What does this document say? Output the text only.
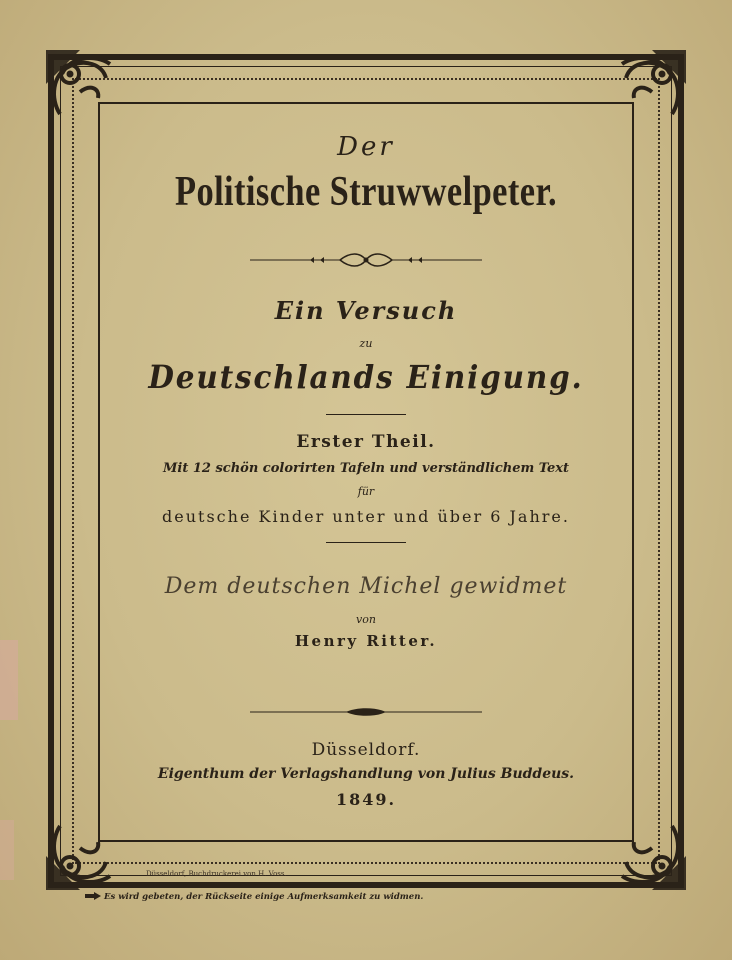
Der
Politische Struwwelpeter.
Ein Versuch
zu
Deutschlands Einigung.
Erster Theil.
Mit 12 schön colorirten Tafeln und verständlichem Text
für
deutsche Kinder unter und über 6 Jahre.
Dem deutschen Michel gewidmet
von
Henry Ritter.
Düsseldorf.
Eigenthum der Verlagshandlung von Julius Buddeus.
1849.
Düsseldorf, Buchdruckerei von H. Voss.
Es wird gebeten, der Rückseite einige Aufmerksamkeit zu widmen.
